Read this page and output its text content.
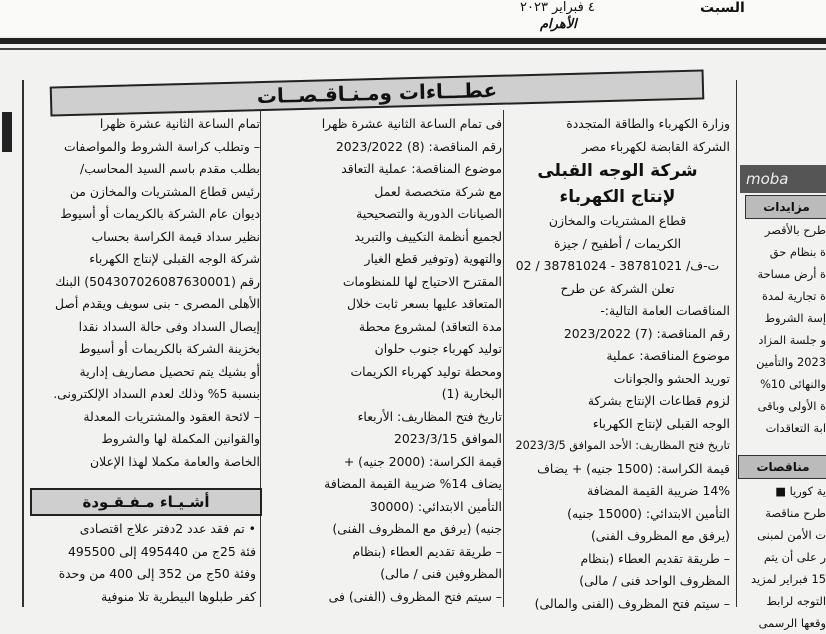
٤ فبراير ٢٠٢٣	السبت
الأهرام
عطـــاءات ومـنـاقـصــات
وزارة الكهرباء والطاقة المتجددة
الشركة القابضة لكهرباء مصر
شركة الوجه القبلى
لإنتاج الكهرباء
قطاع المشتريات والمخازن
الكريمات / أطفيح / جيزة
ت-ف/ 38781021 - 38781024 / 02
تعلن الشركة عن طرح
المناقصات العامة التالية:-
رقم المناقصة: (7) 2023/2022
موضوع المناقصة: عملية
توريد الحشو والجوانات
لزوم قطاعات الإنتاج بشركة
الوجه القبلى لإنتاج الكهرباء
تاريخ فتح المظاريف: الأحد الموافق 2023/3/5
قيمة الكراسة: (1500 جنيه) + يضاف
14% ضريبة القيمة المضافة
التأمين الابتدائي: (15000 جنيه)
(يرفق مع المظروف الفنى)
– طريقة تقديم العطاء (بنظام
المظروف الواحد فنى / مالى)
– سيتم فتح المظروف (الفنى والمالى)
فى تمام الساعة الثانية عشرة ظهرا
رقم المناقصة: (8) 2023/2022
موضوع المناقصة: عملية التعاقد
مع شركة متخصصة لعمل
الصيانات الدورية والتصحيحية
لجميع أنظمة التكييف والتبريد
والتهوية (وتوفير قطع الغيار
المقترح الاحتياج لها للمنظومات
المتعاقد عليها بسعر ثابت خلال
مدة التعاقد) لمشروع محطة
توليد كهرباء جنوب حلوان
ومحطة توليد كهرباء الكريمات
البخارية (1)
تاريخ فتح المظاريف: الأربعاء
الموافق 2023/3/15
قيمة الكراسة: (2000 جنيه) +
يضاف 14% ضريبة القيمة المضافة
التأمين الابتدائي: (30000
جنيه) (يرفق مع المظروف الفنى)
– طريقة تقديم العطاء (بنظام
المظروفين فنى / مالى)
– سيتم فتح المظروف (الفنى) فى
تمام الساعة الثانية عشرة ظهرا
– وتطلب كراسة الشروط والمواصفات
بطلب مقدم باسم السيد المحاسب/
رئيس قطاع المشتريات والمخازن من
ديوان عام الشركة بالكريمات أو أسيوط
نظير سداد قيمة الكراسة بحساب
شركة الوجه القبلى لإنتاج الكهرباء
رقم (504307026087630001) البنك
الأهلى المصرى - بنى سويف ويقدم أصل
إيصال السداد وفى حالة السداد نقدا
بخزينة الشركة بالكريمات أو أسيوط
أو بشيك يتم تحصيل مصاريف إدارية
بنسبة 5% وذلك لعدم السداد الإلكترونى.
– لائحة العقود والمشتريات المعدلة
والقوانين المكملة لها والشروط
الخاصة والعامة مكملا لهذا الإعلان
أشـيـاء مـفـقـودة
• تم فقد عدد 2دفتر علاج اقتصادى
فئة 25ج من 495440 إلى 495500
وفئة 50ج من 352 إلى 400 من وحدة
كفر طبلوها البيطرية تلا منوفية
moba
مزايدات
طرح بالأقصر
ة بنظام حق
ة أرض مساحة
ة تجارية لمدة
إسة الشروط
و جلسة المزاد
2023 والتأمين
والنهائى 10%
ة الأولى وباقى
ابة التعاقدات
مناقصات
ية كوريا ■
طرح مناقصة
ت الأمن لمبنى
ر على أن يتم
15 فبراير لمزيد
التوجه لرابط
وقعها الرسمى
